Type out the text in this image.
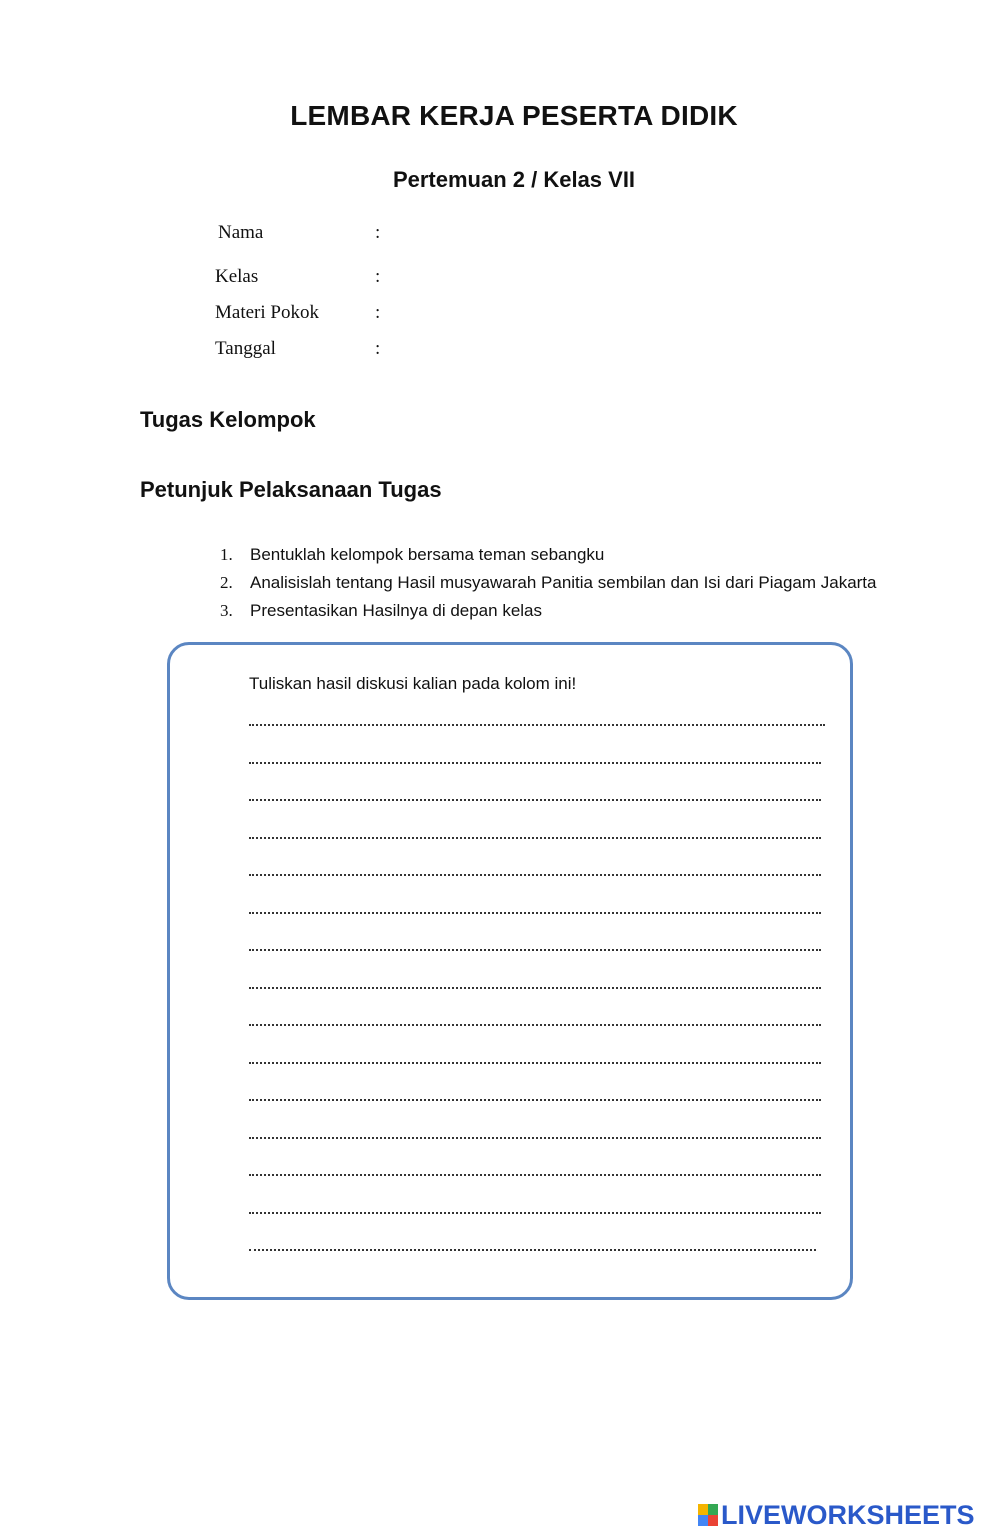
LEMBAR KERJA PESERTA DIDIK
Pertemuan 2 / Kelas VII
Nama	:
Kelas	:
Materi Pokok	:
Tanggal	:
Tugas Kelompok
Petunjuk Pelaksanaan Tugas
1. Bentuklah kelompok bersama teman sebangku
2. Analisislah tentang Hasil musyawarah Panitia sembilan dan Isi dari Piagam Jakarta
3. Presentasikan Hasilnya di depan kelas
Tuliskan hasil diskusi kalian pada kolom ini!
LIVEWORKSHEETS
